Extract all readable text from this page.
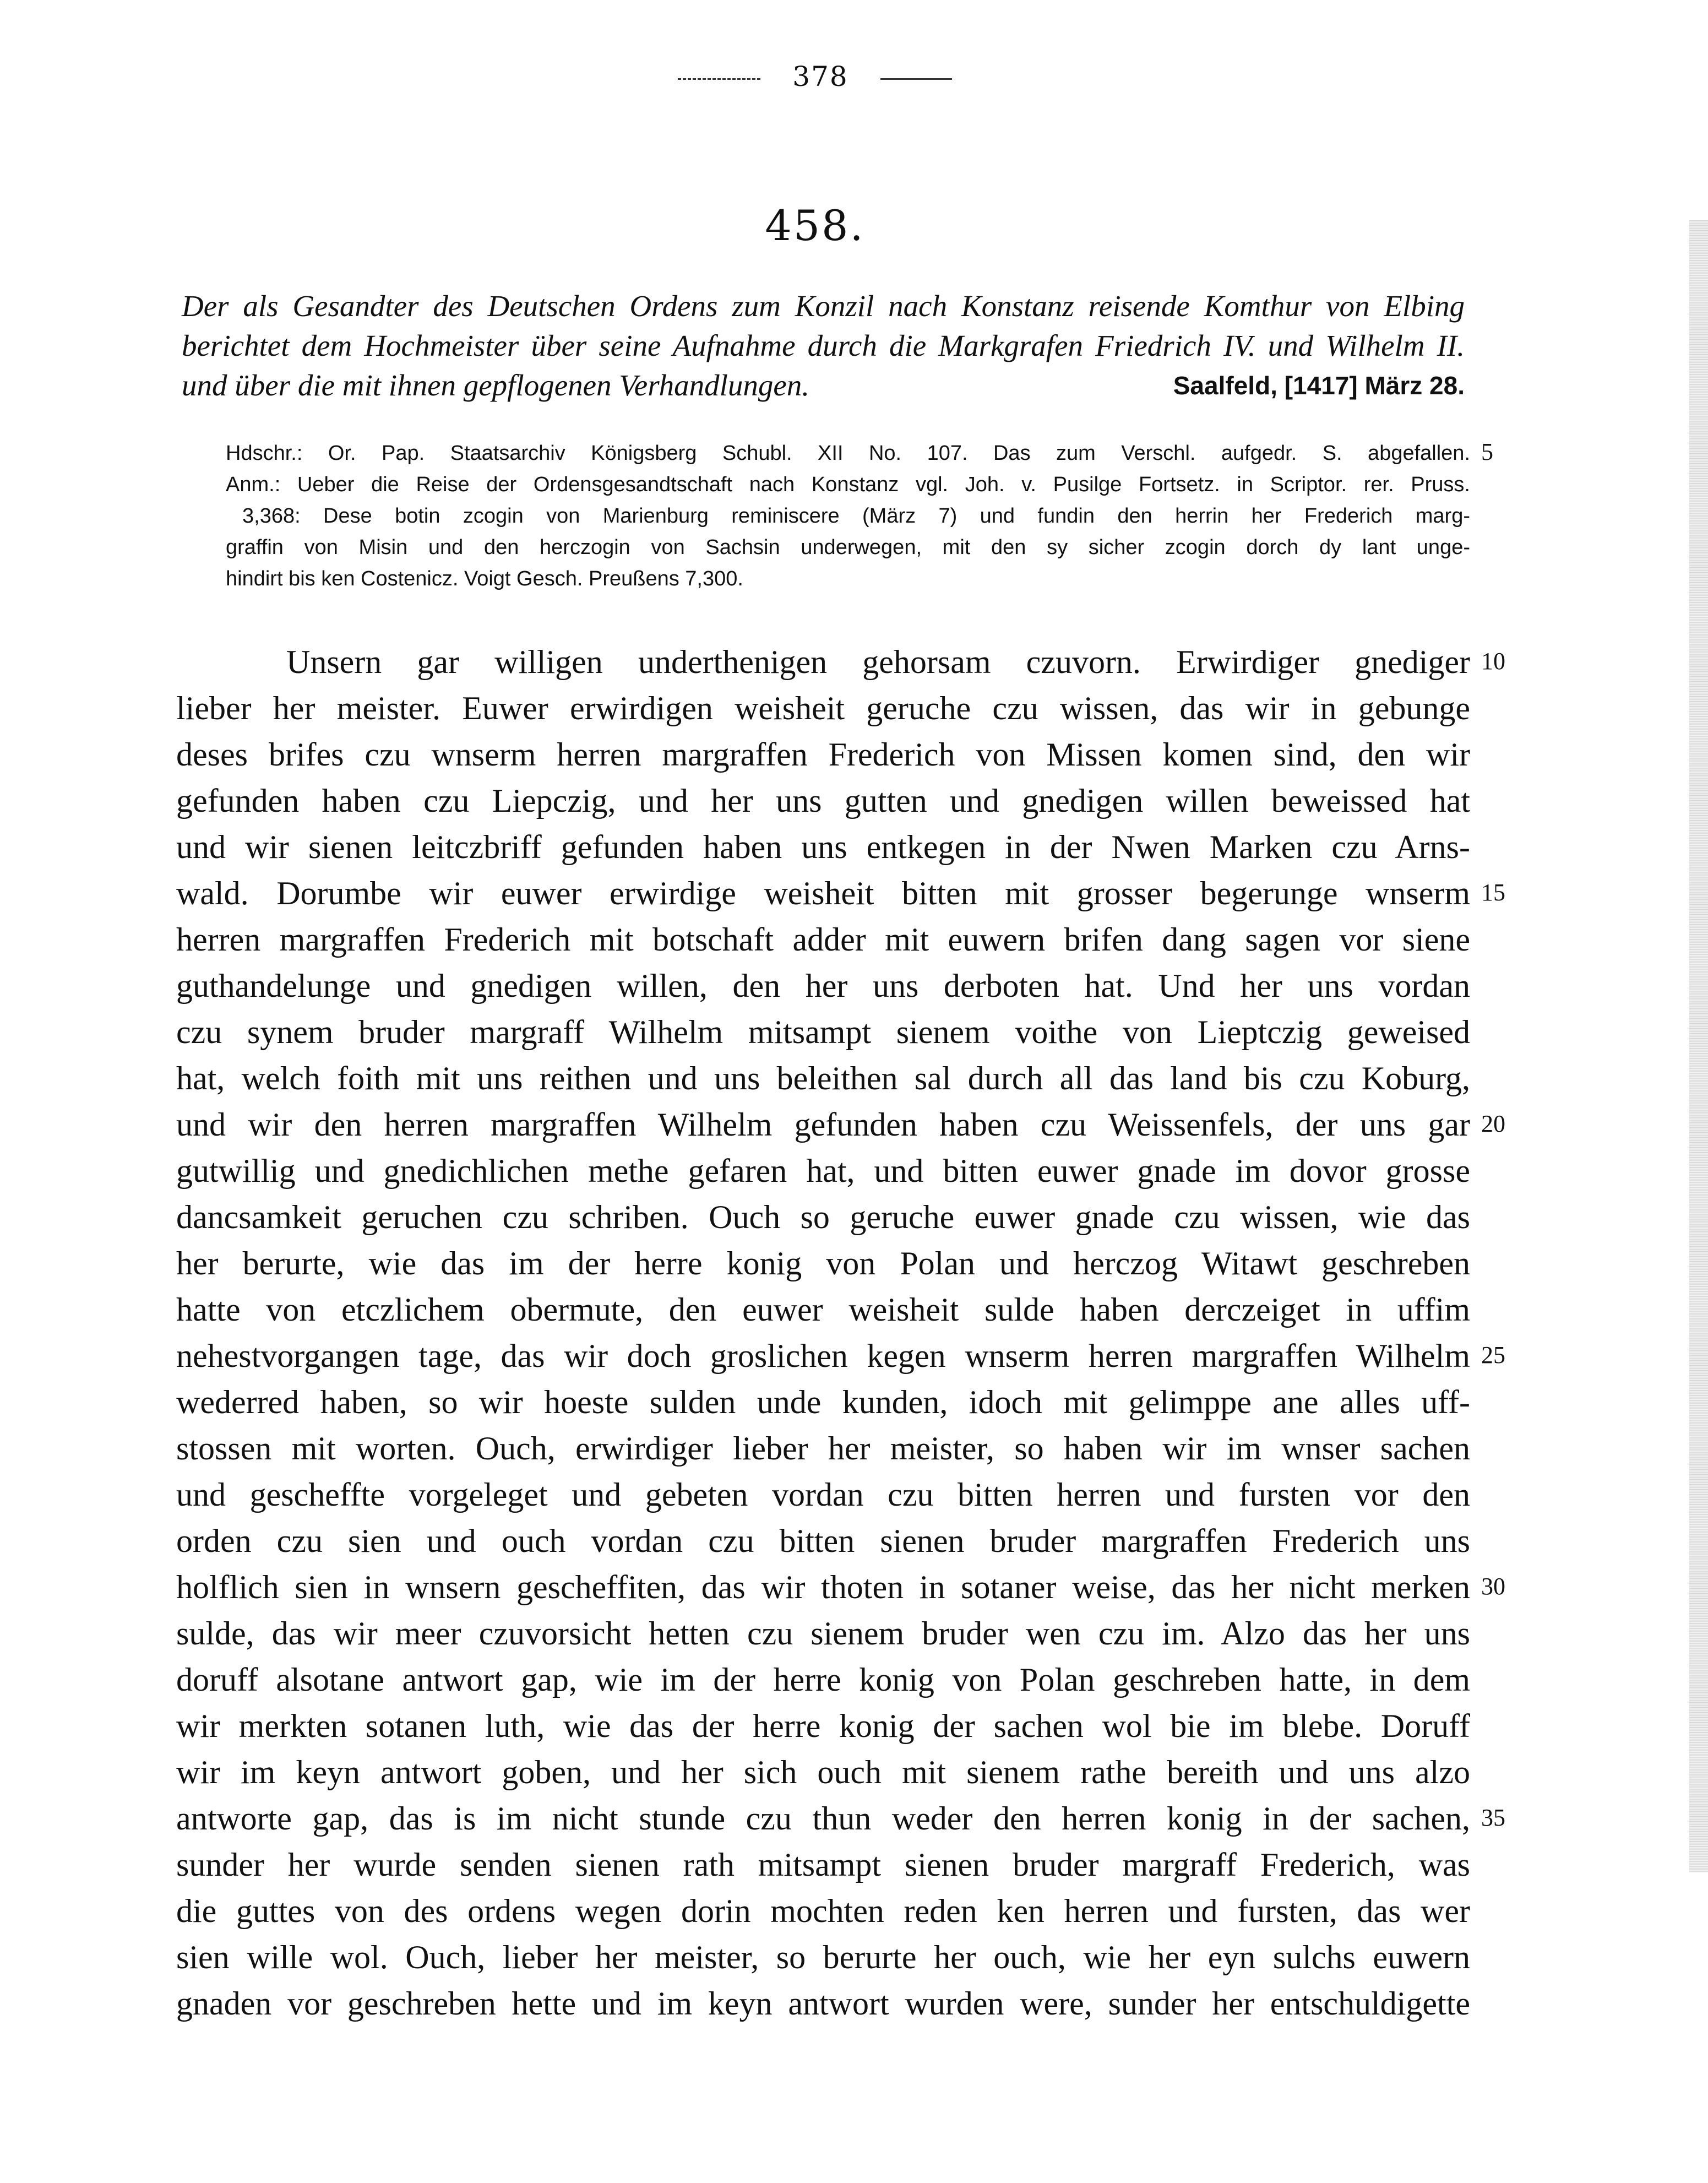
378
458.
Der als Gesandter des Deutschen Ordens zum Konzil nach Konstanz reisende Komthur von Elbing
berichtet dem Hochmeister über seine Aufnahme durch die Markgrafen Friedrich IV. und Wilhelm II.
und über die mit ihnen gepflogenen Verhandlungen.	Saalfeld, [1417] März 28.
Hdschr.: Or. Pap. Staatsarchiv Königsberg Schubl. XII No. 107. Das zum Verschl. aufgedr. S. abgefallen.
Anm.: Ueber die Reise der Ordensgesandtschaft nach Konstanz vgl. Joh. v. Pusilge Fortsetz. in Scriptor. rer. Pruss.
3,368: Dese botin zcogin von Marienburg reminiscere (März 7) und fundin den herrin her Frederich marg-
graffin von Misin und den herczogin von Sachsin underwegen, mit den sy sicher zcogin dorch dy lant unge-
hindirt bis ken Costenicz. Voigt Gesch. Preußens 7,300.
5
Unsern gar willigen underthenigen gehorsam czuvorn. Erwirdiger gnediger
lieber her meister. Euwer erwirdigen weisheit geruche czu wissen, das wir in gebunge
deses brifes czu wnserm herren margraffen Frederich von Missen komen sind, den wir
gefunden haben czu Liepczig, und her uns gutten und gnedigen willen beweissed hat
und wir sienen leitczbriff gefunden haben uns entkegen in der Nwen Marken czu Arns-
wald. Dorumbe wir euwer erwirdige weisheit bitten mit grosser begerunge wnserm
herren margraffen Frederich mit botschaft adder mit euwern brifen dang sagen vor siene
guthandelunge und gnedigen willen, den her uns derboten hat. Und her uns vordan
czu synem bruder margraff Wilhelm mitsampt sienem voithe von Lieptczig geweised
hat, welch foith mit uns reithen und uns beleithen sal durch all das land bis czu Koburg,
und wir den herren margraffen Wilhelm gefunden haben czu Weissenfels, der uns gar
gutwillig und gnedichlichen methe gefaren hat, und bitten euwer gnade im dovor grosse
dancsamkeit geruchen czu schriben. Ouch so geruche euwer gnade czu wissen, wie das
her berurte, wie das im der herre konig von Polan und herczog Witawt geschreben
hatte von etczlichem obermute, den euwer weisheit sulde haben derczeiget in uffim
nehestvorgangen tage, das wir doch groslichen kegen wnserm herren margraffen Wilhelm
wederred haben, so wir hoeste sulden unde kunden, idoch mit gelimppe ane alles uff-
stossen mit worten. Ouch, erwirdiger lieber her meister, so haben wir im wnser sachen
und gescheffte vorgeleget und gebeten vordan czu bitten herren und fursten vor den
orden czu sien und ouch vordan czu bitten sienen bruder margraffen Frederich uns
holflich sien in wnsern gescheffiten, das wir thoten in sotaner weise, das her nicht merken
sulde, das wir meer czuvorsicht hetten czu sienem bruder wen czu im. Alzo das her uns
doruff alsotane antwort gap, wie im der herre konig von Polan geschreben hatte, in dem
wir merkten sotanen luth, wie das der herre konig der sachen wol bie im blebe. Doruff
wir im keyn antwort goben, und her sich ouch mit sienem rathe bereith und uns alzo
antworte gap, das is im nicht stunde czu thun weder den herren konig in der sachen,
sunder her wurde senden sienen rath mitsampt sienen bruder margraff Frederich, was
die guttes von des ordens wegen dorin mochten reden ken herren und fursten, das wer
sien wille wol. Ouch, lieber her meister, so berurte her ouch, wie her eyn sulchs euwern
gnaden vor geschreben hette und im keyn antwort wurden were, sunder her entschuldigette
10
15
20
25
30
35
